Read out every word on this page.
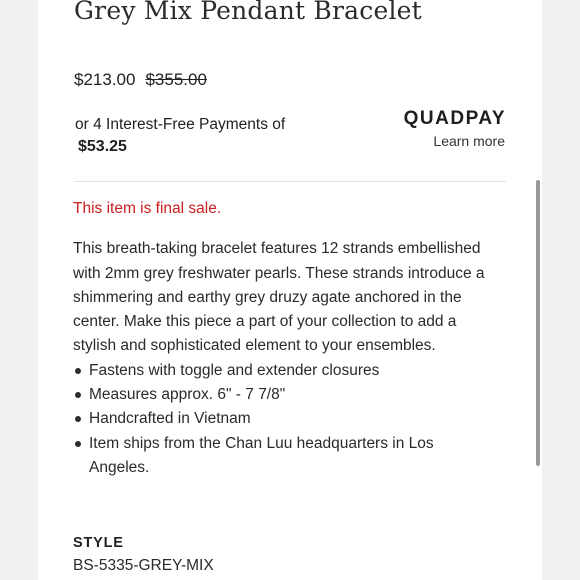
Grey Mix Pendant Bracelet
$213.00 $355.00
or 4 Interest-Free Payments of
$53.25
QUADPAY
Learn more

This item is final sale.

This breath-taking bracelet features 12 strands embellished with 2mm grey freshwater pearls. These strands introduce a shimmering and earthy grey druzy agate anchored in the center. Make this piece a part of your collection to add a stylish and sophisticated element to your ensembles.

Fastens with toggle and extender closures
Measures approx. 6" - 7 7/8"
Handcrafted in Vietnam
Item ships from the Chan Luu headquarters in Los Angeles.
STYLE
BS-5335-GREY-MIX
